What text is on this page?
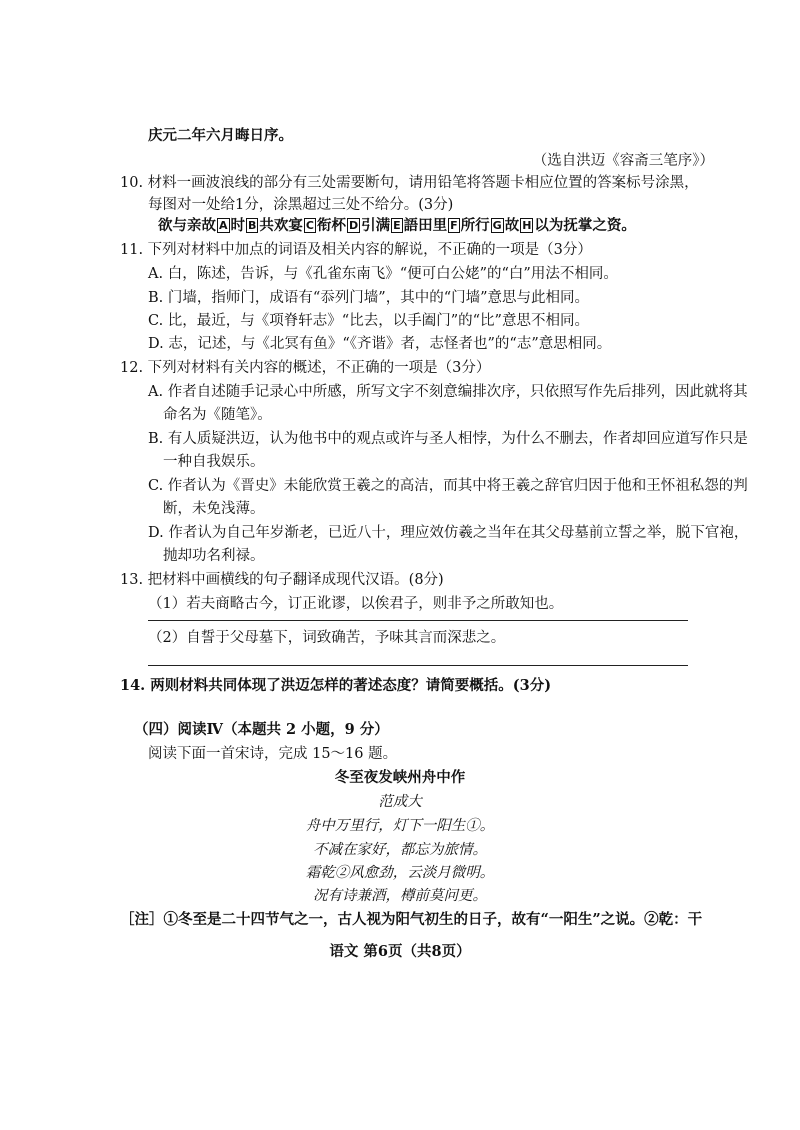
庆元二年六月晦日序。
（选自洪迈《容斋三笔序》）
10. 材料一画波浪线的部分有三处需要断句，请用铅笔将答题卡相应位置的答案标号涂黑，
每图对一处给1分，涂黑超过三处不给分。(3分)
欲与亲故 A 时 B 共欢宴 C 衔杯 D 引满 E 語田里 F 所行 G 故 H 以为抚掌之资。
11. 下列对材料中加点的词语及相关内容的解说，不正确的一项是（3分）
A. 白，陈述，告诉，与《孔雀东南飞》“便可白公姥”的“白”用法不相同。
B. 门墙，指师门，成语有“忝列门墙”，其中的“门墙”意思与此相同。
C. 比，最近，与《项脊轩志》“比去，以手阖门”的“比”意思不相同。
D. 志，记述，与《北冥有鱼》“《齐谐》者，志怪者也”的“志”意思相同。
12. 下列对材料有关内容的概述，不正确的一项是（3分）
A. 作者自述随手记录心中所感，所写文字不刻意编排次序，只依照写作先后排列，因此就将其
命名为《随笔》。
B. 有人质疑洪迈，认为他书中的观点或许与圣人相悖，为什么不删去，作者却回应道写作只是
一种自我娱乐。
C. 作者认为《晋史》未能欣赏王羲之的高洁，而其中将王羲之辞官归因于他和王怀祖私怨的判
断，未免浅薄。
D. 作者认为自己年岁渐老，已近八十，理应效仿羲之当年在其父母墓前立誓之举，脱下官袍，
抛却功名利禄。
13. 把材料中画横线的句子翻译成现代汉语。(8分)
（1）若夫商略古今，订正讹谬，以俟君子，则非予之所敢知也。
（2）自誓于父母墓下，词致确苦，予味其言而深悲之。
14. 两则材料共同体现了洪迈怎样的著述态度？请简要概括。(3分)
（四）阅读Ⅳ（本题共 2 小题，9 分）
阅读下面一首宋诗，完成 15～16 题。
冬至夜发峡州舟中作
范成大
舟中万里行，灯下一阳生①。
不减在家好，都忘为旅情。
霜乾②风愈劲，云淡月微明。
况有诗兼酒，樽前莫问更。
［注］①冬至是二十四节气之一，古人视为阳气初生的日子，故有“一阳生”之说。②乾：干
语文 第6页（共8页）
